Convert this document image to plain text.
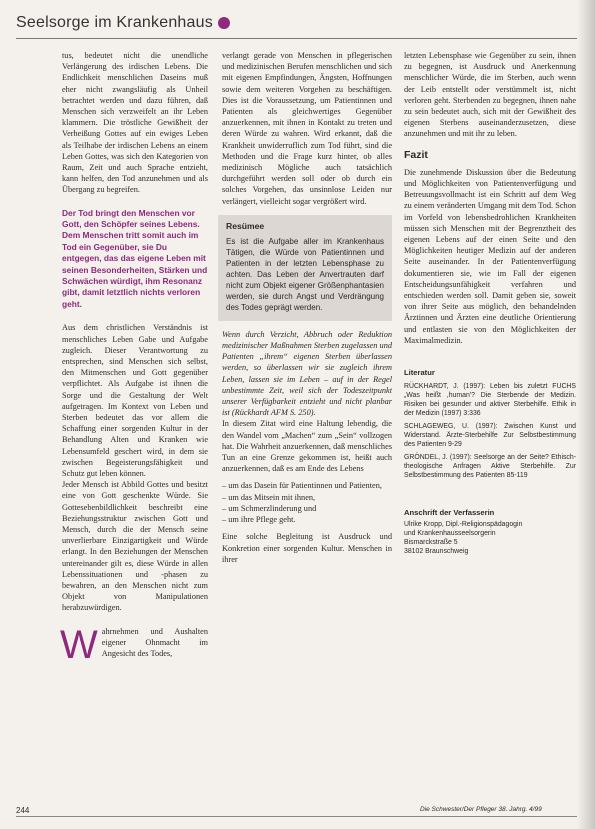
Seelsorge im Krankenhaus

tus, bedeutet nicht die unendliche Verlängerung des irdischen Lebens. Die Endlichkeit menschlichen Daseins muß eher nicht zwangsläufig als Unheil betrachtet werden und dazu führen, daß Menschen sich verzweifelt an ihr Leben klammern. Die tröstliche Gewißheit der Verheißung Gottes auf ein ewiges Leben als Teilhabe der irdischen Lebens an einem Leben Gottes, was sich den Kategorien von Raum, Zeit und auch Sprache entzieht, kann helfen, den Tod anzunehmen und als Übergang zu begreifen.

Der Tod bringt den Menschen vor Gott, den Schöpfer seines Lebens. Dem Menschen tritt somit auch im Tod ein Gegenüber, sie Du entgegen, das das eigene Leben mit seinen Besonderheiten, Stärken und Schwächen würdigt, ihm Resonanz gibt, damit letztlich nichts verloren geht.

Aus dem christlichen Verständnis ist menschliches Leben Gabe und Aufgabe zugleich. Dieser Verantwortung zu entsprechen, sind Menschen sich selbst, den Mitmenschen und Gott gegenüber verpflichtet. Als Aufgabe ist ihnen die Sorge und die Gestaltung der Welt aufgetragen. Im Kontext von Leben und Sterben bedeutet das vor allem die Schaffung einer sorgenden Kultur in der Behandlung Alten und Kranken wie Lebensumfeld geschert wird, in dem sie zwischen Begeisterungsfähigkeit und Schutz gut leben können.

Jeder Mensch ist Abbild Gottes und besitzt eine von Gott geschenkte Würde. Sie Gottesebenbildlichkeit beschreibt eine Beziehungsstruktur zwischen Gott und Mensch, durch die der Mensch seine unverlierbare Einzigartigkeit und Würde erlangt. In den Beziehungen der Menschen untereinander gilt es, diese Würde in allen Lebenssituationen und -phasen zu bewahren, an den Menschen nicht zum Objekt von Manipulationen herabzuwürdigen.

W ahrnehmen und Aushalten eigener Ohnmacht im Angesicht des Todes,

verlangt gerade von Menschen in pflegerischen und medizinischen Berufen menschlichen und sich mit eigenen Empfindungen, Ängsten, Hoffnungen sowie dem weiteren Vorgehen zu beschäftigen. Dies ist die Voraussetzung, um Patientinnen und Patienten als gleichwertiges Gegenüber anzuerkennen, mit ihnen in Kontakt zu treten und deren Würde zu wahren. Wird erkannt, daß die Krankheit unwiderruflich zum Tod führt, sind die Methoden und die Frage kurz hinter, ob alles medizinisch Mögliche auch tatsächlich durchgeführt werden soll oder ob durch ein solches Vorgehen, das unsinnlose Leiden nur verlängert, vielleicht sogar vergrößert wird.

Resümee
Es ist die Aufgabe aller im Krankenhaus Tätigen, die Würde von Patientinnen und Patienten in der letzten Lebensphase zu achten. Das Leben der Anvertrauten darf nicht zum Objekt eigener Größenphantasien werden, sie durch Angst und Verdrängung des Todes geprägt werden.

Wenn durch Verzicht, Abbruch oder Reduktion medizinischer Maßnahmen Sterben zugelassen und Patienten „ihrem“ eigenen Sterben überlassen werden, so überlassen wir sie zugleich ihrem Leben, lassen sie im Leben – auf in der Regel unbestimmte Zeit, weil sich der Todeszeitpunkt unserer Verfügbarkeit entzieht und nicht planbar ist (Rückhardt AFM S. 250).

In diesem Zitat wird eine Haltung lebendig, die den Wandel vom „Machen“ zum „Sein“ vollzogen hat. Die Wahrheit anzuerkennen, daß menschliches Tun an eine Grenze gekommen ist, heißt auch anzuerkennen, daß es am Ende des Lebens

– um das Dasein für Patientinnen und Patienten,
– um das Mitsein mit ihnen,
– um Schmerzlinderung und
– um ihre Pflege geht.

Eine solche Begleitung ist Ausdruck und Konkretion einer sorgenden Kultur. Menschen in ihrer

letzten Lebensphase wie Gegenüber zu sein, ihnen zu begegnen, ist Ausdruck und Anerkennung menschlicher Würde, die im Sterben, auch wenn der Leib entstellt oder verstümmelt ist, nicht verloren geht. Sterbenden zu begegnen, ihnen nahe zu sein bedeutet auch, sich mit der Gewißheit des eigenen Sterbens auseinanderzusetzen, diese anzunehmen und mit ihr zu leben.

Fazit

Die zunehmende Diskussion über die Bedeutung und Möglichkeiten von Patientenverfügung und Betreuungsvollmacht ist ein Schritt auf dem Weg zu einem veränderten Umgang mit dem Tod. Schon im Vorfeld von lebensbedrohlichen Krankheiten müssen sich Menschen mit der Begrenztheit des eigenen Lebens auf der einen Seite und den Möglichkeiten heutiger Medizin auf der anderen Seite auseinander. In der Patientenverfügung dokumentieren sie, wie im Fall der eigenen Entscheidungsunfähigkeit verfahren und entschieden werden soll. Damit geben sie, soweit von ihrer Seite aus möglich, den behandelnden Ärztinnen und Ärzten eine deutliche Orientierung und entlasten sie von den Möglichkeiten der Maximalmedizin.

Literatur
RÜCKHARDT, J. (1997): Leben bis zuletzt FUCHS „Was heißt ,human'? Die Sterbende der Medizin. Risiken bei gesunder und aktiver Sterbehilfe. Ethik in der Medizin (1997) 3:336
SCHLAGEWEG, U. (1997): Zwischen Kunst und Widerstand. Ärzte-Sterbehilfe Zur Selbstbestimmung des Patienten 9-29
GRÖNDEL, J. (1997): Seelsorge an der Seite? Ethisch-theologische Anfragen Aktive Sterbehilfe. Zur Selbstbestimmung des Patienten 85-119
Anschrift der Verfasserin
Ulrike Kropp, Dipl.-Religionspädagogin
und Krankenhausseelsorgerin
Bismarckstraße 5
38102 Braunschweig
244	Die Schwester/Der Pfleger 38. Jahrg. 4/99
